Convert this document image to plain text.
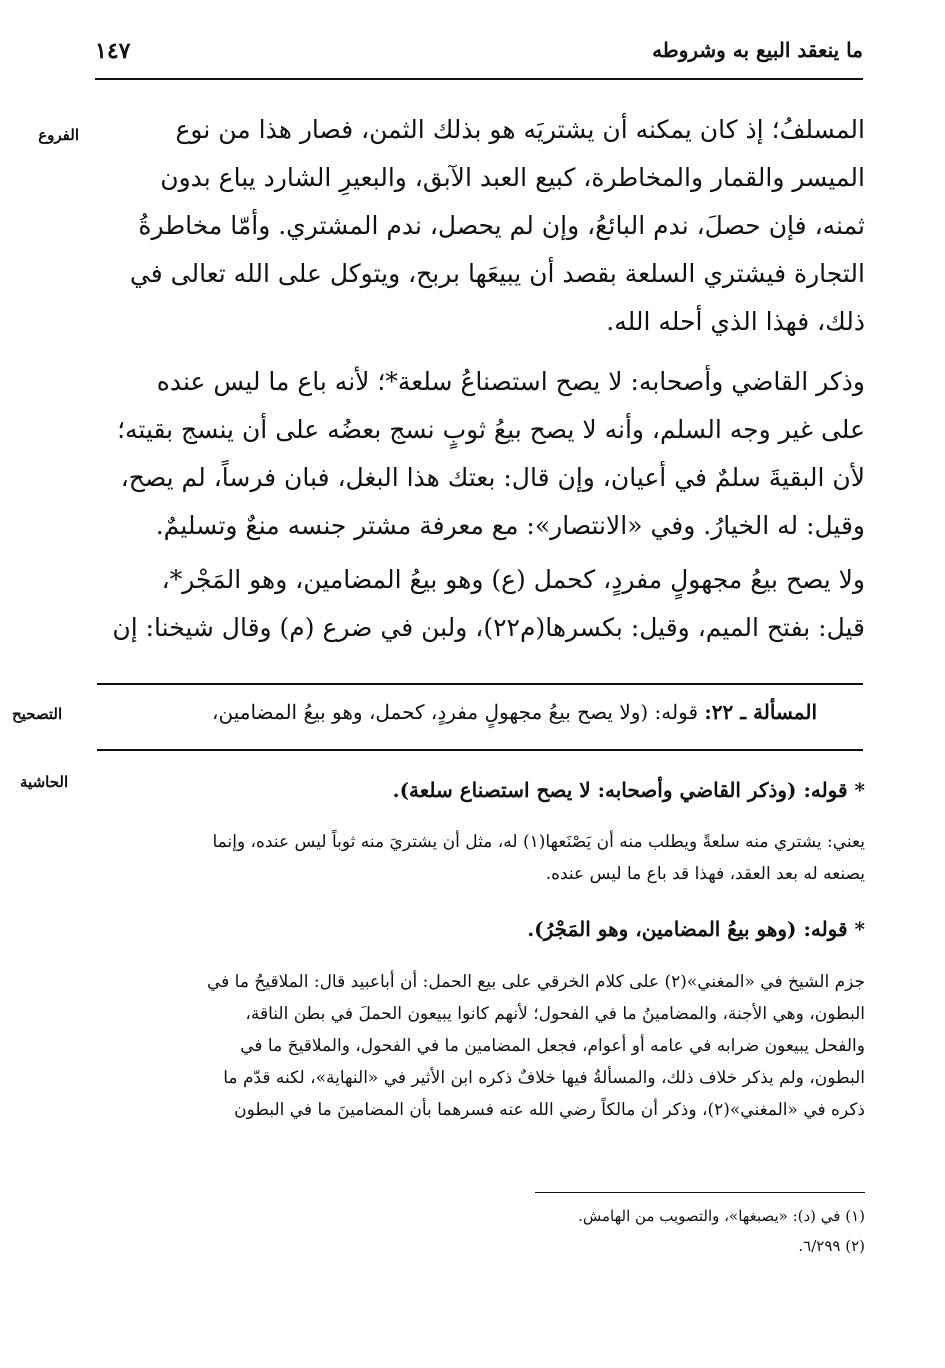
ما ينعقد البيع به وشروطه
١٤٧
الفروع
التصحيح
الحاشية
المسلفُ؛ إذ كان يمكنه أن يشتريَه هو بذلك الثمن، فصار هذا من نوع
الميسر والقمار والمخاطرة، كبيع العبد الآبق، والبعيرِ الشارد يباع بدون
ثمنه، فإن حصلَ، ندم البائعُ، وإن لم يحصل، ندم المشتري. وأمّا مخاطرةُ
التجارة فيشتري السلعة بقصد أن يبيعَها بربح، ويتوكل على الله تعالى في
ذلك، فهذا الذي أحله الله.
وذكر القاضي وأصحابه: لا يصح استصناعُ سلعة*؛ لأنه باع ما ليس عنده
على غير وجه السلم، وأنه لا يصح بيعُ ثوبٍ نسج بعضُه على أن ينسج بقيته؛
لأن البقيةَ سلمٌ في أعيان، وإن قال: بعتك هذا البغل، فبان فرساً، لم يصح،
وقيل: له الخيارُ. وفي «الانتصار»: مع معرفة مشتر جنسه منعٌ وتسليمٌ.
ولا يصح بيعُ مجهولٍ مفردٍ، كحمل (ع) وهو بيعُ المضامين، وهو المَجْر*،
قيل: بفتح الميم، وقيل: بكسرها(م٢٢)، ولبن في ضرع (م) وقال شيخنا: إن
المسألة ـ ٢٢: قوله: (ولا يصح بيعُ مجهولٍ مفردٍ، كحمل، وهو بيعُ المضامين،
* قوله: (وذكر القاضي وأصحابه: لا يصح استصناع سلعة).
يعني: يشتري منه سلعةً ويطلب منه أن يَصْنَعها(١) له، مثل أن يشتريَ منه ثوباً ليس عنده، وإنما
يصنعه له بعد العقد، فهذا قد باع ما ليس عنده.
* قوله: (وهو بيعُ المضامين، وهو المَجْرُ).
جزم الشيخ في «المغني»(٢) على كلام الخرقي على بيع الحمل: أن أباعبيد قال: الملاقيحُ ما في
البطون، وهي الأجنة، والمضامينُ ما في الفحول؛ لأنهم كانوا يبيعون الحملَ في بطن الناقة،
والفحل يبيعون ضرابه في عامه أو أعوام، فجعل المضامين ما في الفحول، والملاقيحَ ما في
البطون، ولم يذكر خلاف ذلك، والمسألةُ فيها خلافٌ ذكره ابن الأثير في «النهاية»، لكنه قدّم ما
ذكره في «المغني»(٢)، وذكر أن مالكاً رضي الله عنه فسرهما بأن المضامينَ ما في البطون
(١) في (د): «يصبغها»، والتصويب من الهامش.
(٢) ٦/٢٩٩.
